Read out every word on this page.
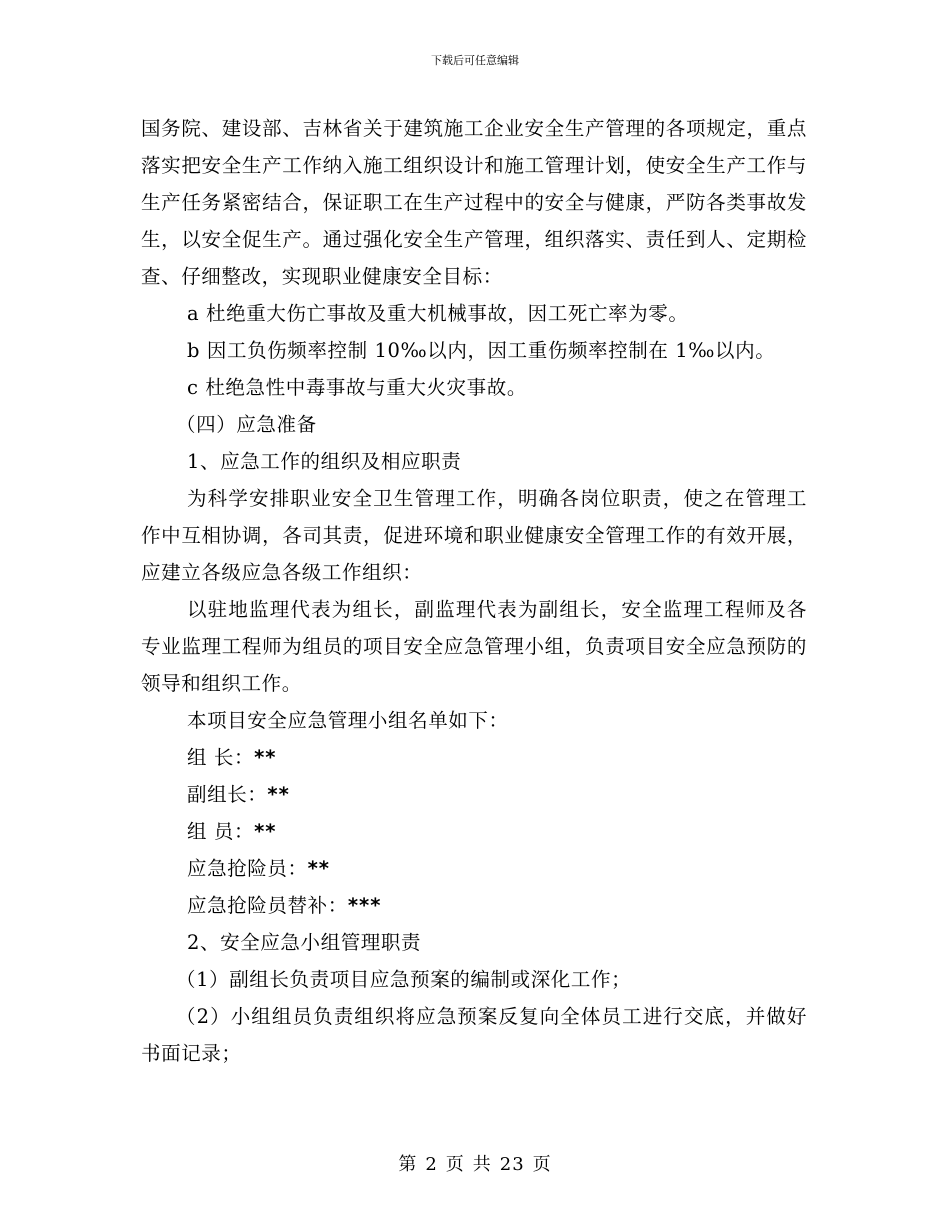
下载后可任意编辑

国务院、建设部、吉林省关于建筑施工企业安全生产管理的各项规定，重点落实把安全生产工作纳入施工组织设计和施工管理计划，使安全生产工作与生产任务紧密结合，保证职工在生产过程中的安全与健康，严防各类事故发生，以安全促生产。通过强化安全生产管理，组织落实、责任到人、定期检查、仔细整改，实现职业健康安全目标：

a 杜绝重大伤亡事故及重大机械事故，因工死亡率为零。

b 因工负伤频率控制 10‰以内，因工重伤频率控制在 1‰以内。

c 杜绝急性中毒事故与重大火灾事故。

（四）应急准备

1、应急工作的组织及相应职责

为科学安排职业安全卫生管理工作，明确各岗位职责，使之在管理工作中互相协调，各司其责，促进环境和职业健康安全管理工作的有效开展，应建立各级应急各级工作组织：

以驻地监理代表为组长，副监理代表为副组长，安全监理工程师及各专业监理工程师为组员的项目安全应急管理小组，负责项目安全应急预防的领导和组织工作。

本项目安全应急管理小组名单如下：

组 长：**

副组长：**

组 员：**

应急抢险员：**

应急抢险员替补：***

2、安全应急小组管理职责

（1）副组长负责项目应急预案的编制或深化工作；

（2）小组组员负责组织将应急预案反复向全体员工进行交底，并做好书面记录；

第 2 页 共 23 页
